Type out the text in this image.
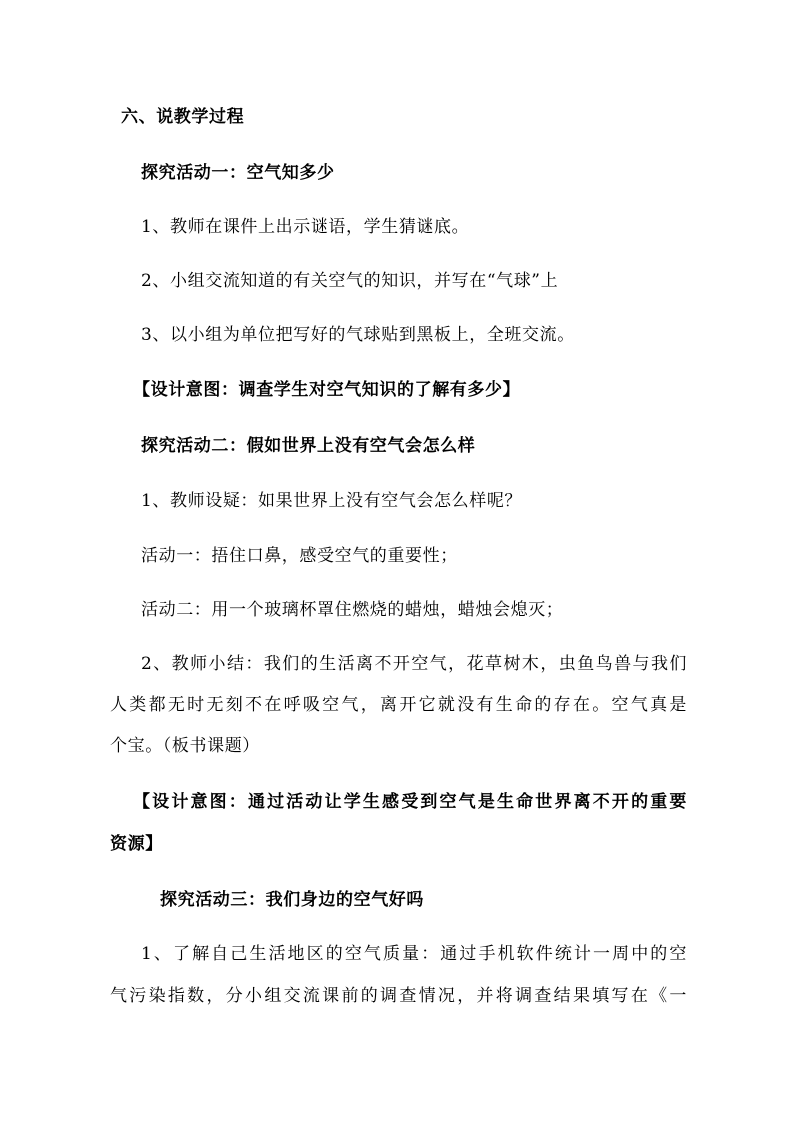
六、说教学过程
探究活动一：空气知多少
1、教师在课件上出示谜语，学生猜谜底。
2、小组交流知道的有关空气的知识，并写在“气球”上
3、以小组为单位把写好的气球贴到黑板上，全班交流。
【设计意图：调查学生对空气知识的了解有多少】
探究活动二：假如世界上没有空气会怎么样
1、教师设疑：如果世界上没有空气会怎么样呢？
活动一：捂住口鼻，感受空气的重要性；
活动二：用一个玻璃杯罩住燃烧的蜡烛，蜡烛会熄灭；
2、教师小结：我们的生活离不开空气，花草树木，虫鱼鸟兽与我们
人类都无时无刻不在呼吸空气，离开它就没有生命的存在。空气真是
个宝。（板书课题）
【设计意图：通过活动让学生感受到空气是生命世界离不开的重要
资源】
探究活动三：我们身边的空气好吗
1、了解自己生活地区的空气质量：通过手机软件统计一周中的空
气污染指数，分小组交流课前的调查情况，并将调查结果填写在《一
